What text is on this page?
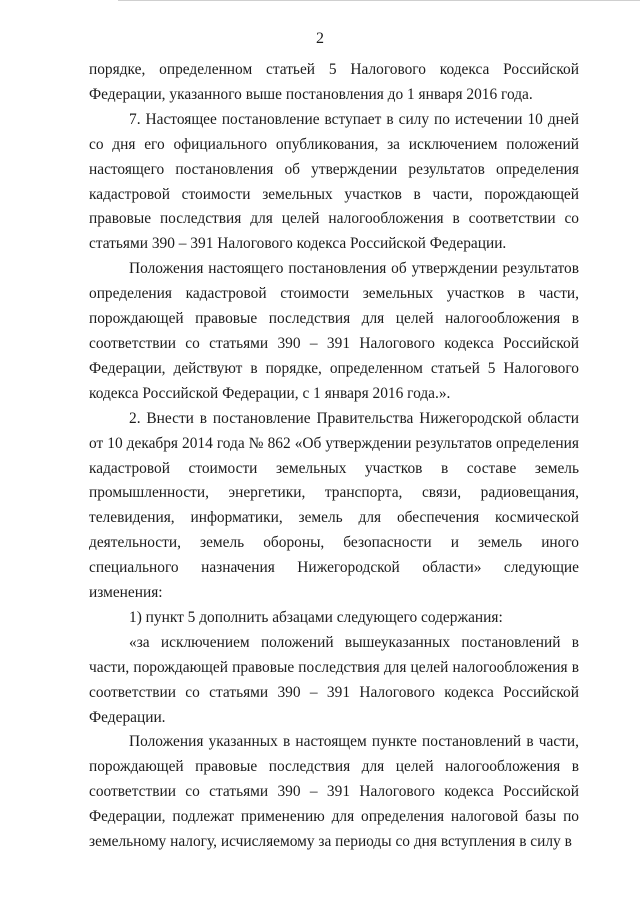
2

порядке, определенном статьей 5 Налогового кодекса Российской Федерации, указанного выше постановления до 1 января 2016 года.

7. Настоящее постановление вступает в силу по истечении 10 дней со дня его официального опубликования, за исключением положений настоящего постановления об утверждении результатов определения кадастровой стоимости земельных участков в части, порождающей правовые последствия для целей налогообложения в соответствии со статьями 390 – 391 Налогового кодекса Российской Федерации.

Положения настоящего постановления об утверждении результатов определения кадастровой стоимости земельных участков в части, порождающей правовые последствия для целей налогообложения в соответствии со статьями 390 – 391 Налогового кодекса Российской Федерации, действуют в порядке, определенном статьей 5 Налогового кодекса Российской Федерации, с 1 января 2016 года.».

2. Внести в постановление Правительства Нижегородской области от 10 декабря 2014 года № 862 «Об утверждении результатов определения кадастровой стоимости земельных участков в составе земель промышленности, энергетики, транспорта, связи, радиовещания, телевидения, информатики, земель для обеспечения космической деятельности, земель обороны, безопасности и земель иного специального назначения Нижегородской области» следующие изменения:

1) пункт 5 дополнить абзацами следующего содержания:

«за исключением положений вышеуказанных постановлений в части, порождающей правовые последствия для целей налогообложения в соответствии со статьями 390 – 391 Налогового кодекса Российской Федерации.

Положения указанных в настоящем пункте постановлений в части, порождающей правовые последствия для целей налогообложения в соответствии со статьями 390 – 391 Налогового кодекса Российской Федерации, подлежат применению для определения налоговой базы по земельному налогу, исчисляемому за периоды со дня вступления в силу в
